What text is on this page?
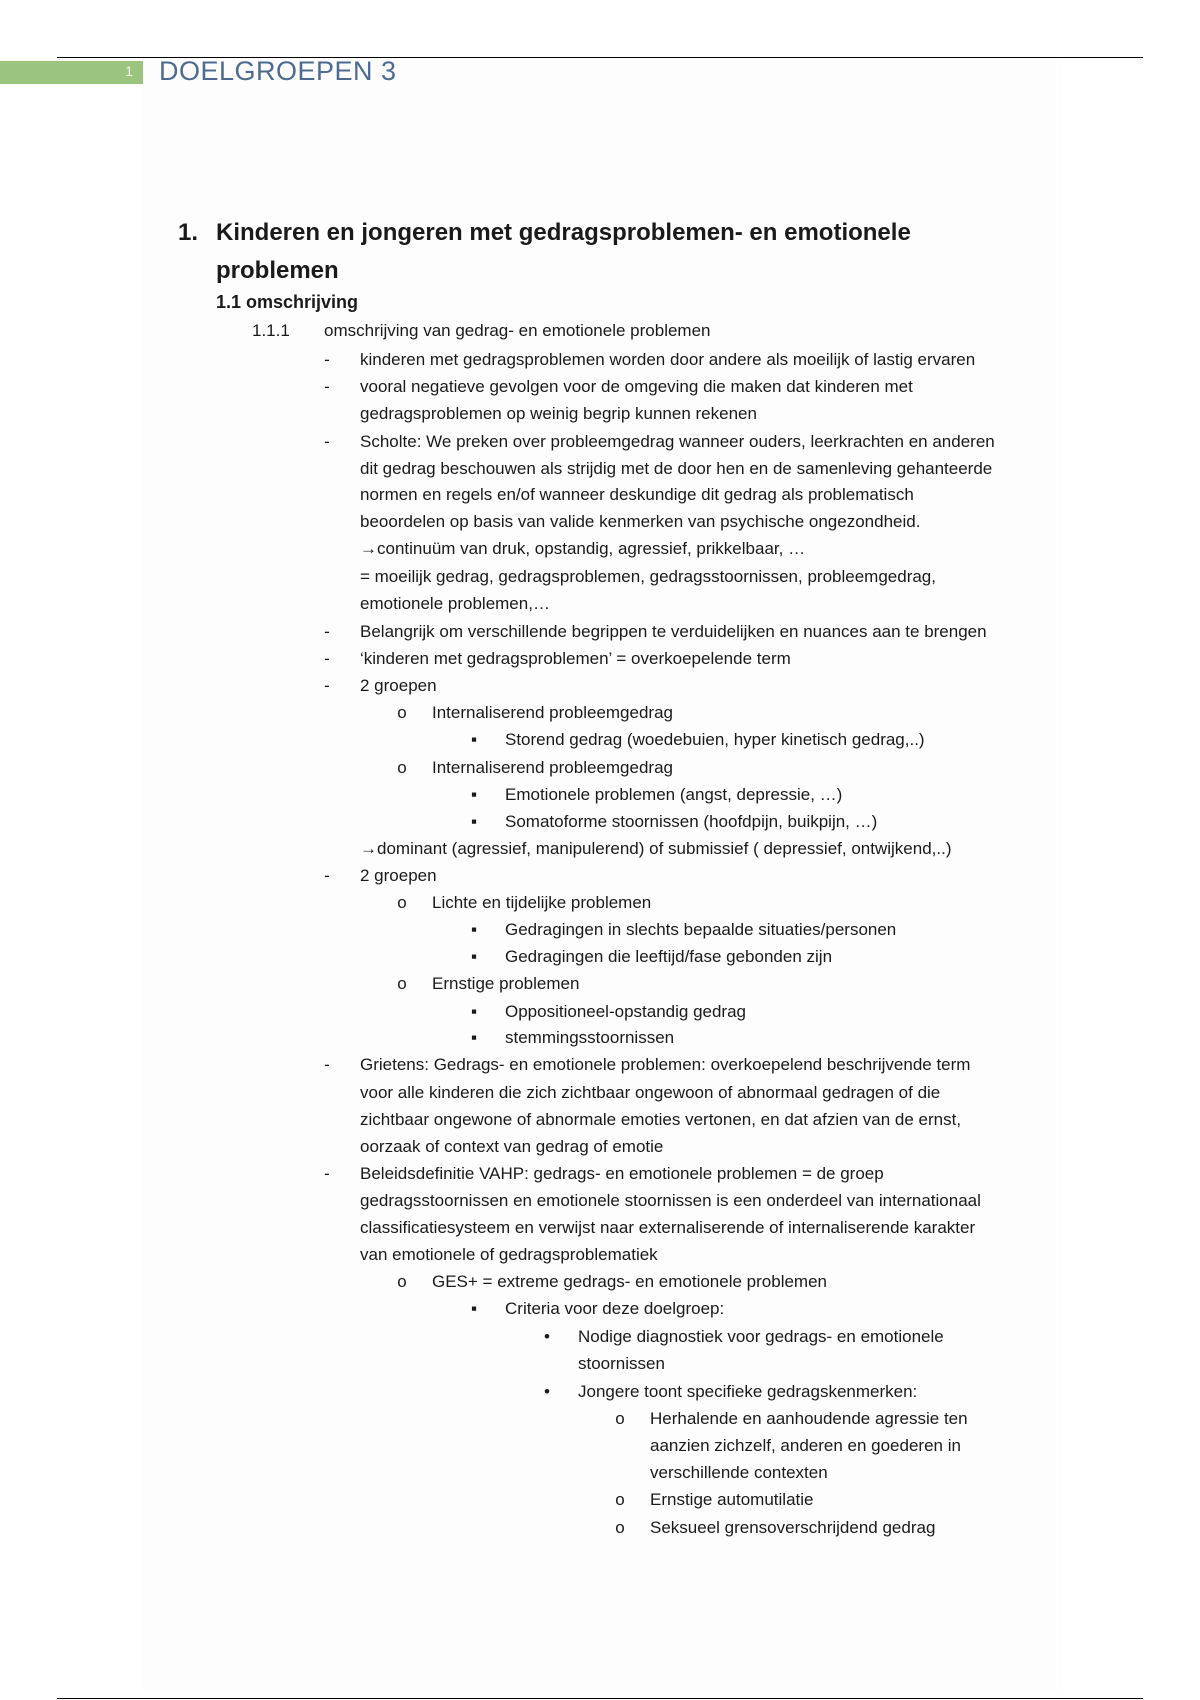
1 DOELGROEPEN 3
1. Kinderen en jongeren met gedragsproblemen- en emotionele
problemen
1.1 omschrijving
1.1.1 omschrijving van gedrag- en emotionele problemen
- kinderen met gedragsproblemen worden door andere als moeilijk of lastig ervaren
- vooral negatieve gevolgen voor de omgeving die maken dat kinderen met
gedragsproblemen op weinig begrip kunnen rekenen
- Scholte: We preken over probleemgedrag wanneer ouders, leerkrachten en anderen
dit gedrag beschouwen als strijdig met de door hen en de samenleving gehanteerde
normen en regels en/of wanneer deskundige dit gedrag als problematisch
beoordelen op basis van valide kenmerken van psychische ongezondheid.
→continuüm van druk, opstandig, agressief, prikkelbaar, …
= moeilijk gedrag, gedragsproblemen, gedragsstoornissen, probleemgedrag,
emotionele problemen,…
- Belangrijk om verschillende begrippen te verduidelijken en nuances aan te brengen
- ‘kinderen met gedragsproblemen’ = overkoepelende term
- 2 groepen
o Internaliserend probleemgedrag
▪ Storend gedrag (woedebuien, hyper kinetisch gedrag,..)
o Internaliserend probleemgedrag
▪ Emotionele problemen (angst, depressie, …)
▪ Somatoforme stoornissen (hoofdpijn, buikpijn, …)
→dominant (agressief, manipulerend) of submissief ( depressief, ontwijkend,..)
- 2 groepen
o Lichte en tijdelijke problemen
▪ Gedragingen in slechts bepaalde situaties/personen
▪ Gedragingen die leeftijd/fase gebonden zijn
o Ernstige problemen
▪ Oppositioneel-opstandig gedrag
▪ stemmingsstoornissen
- Grietens: Gedrags- en emotionele problemen: overkoepelend beschrijvende term
voor alle kinderen die zich zichtbaar ongewoon of abnormaal gedragen of die
zichtbaar ongewone of abnormale emoties vertonen, en dat afzien van de ernst,
oorzaak of context van gedrag of emotie
- Beleidsdefinitie VAHP: gedrags- en emotionele problemen = de groep
gedragsstoornissen en emotionele stoornissen is een onderdeel van internationaal
classificatiesysteem en verwijst naar externaliserende of internaliserende karakter
van emotionele of gedragsproblematiek
o GES+ = extreme gedrags- en emotionele problemen
▪ Criteria voor deze doelgroep:
• Nodige diagnostiek voor gedrags- en emotionele
stoornissen
• Jongere toont specifieke gedragskenmerken:
o Herhalende en aanhoudende agressie ten
aanzien zichzelf, anderen en goederen in
verschillende contexten
o Ernstige automutilatie
o Seksueel grensoverschrijdend gedrag
